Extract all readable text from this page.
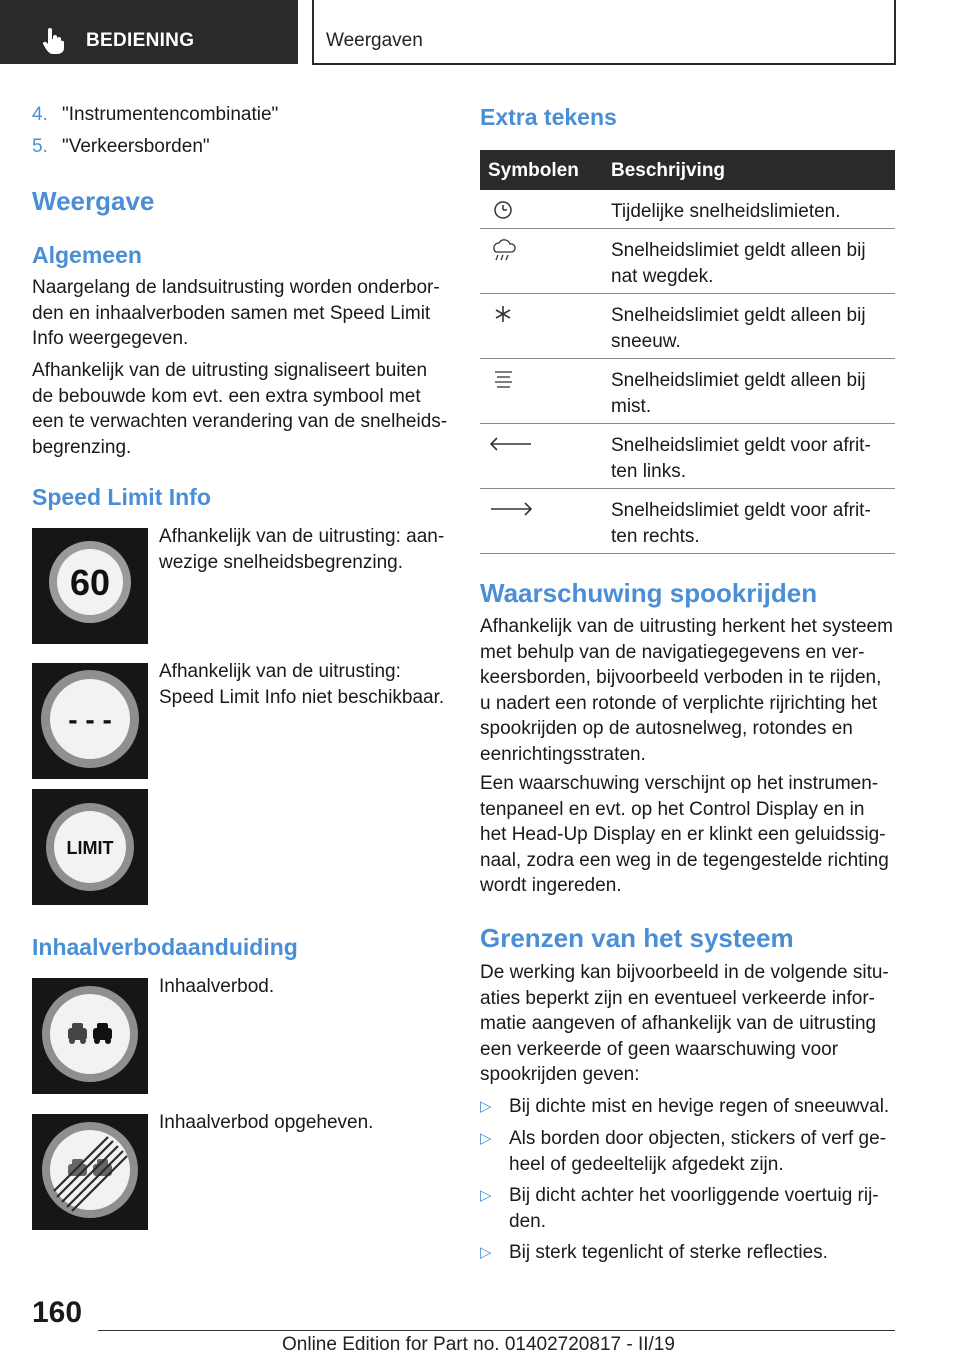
BEDIENING	Weergaven
4. "Instrumentencombinatie"
5. "Verkeersborden"
Weergave
Algemeen
Naargelang de landsuitrusting worden onderbor-
den en inhaalverboden samen met Speed Limit
Info weergegeven.
Afhankelijk van de uitrusting signaliseert buiten
de bebouwde kom evt. een extra symbool met
een te verwachten verandering van de snelheids-
begrenzing.
Speed Limit Info
60
Afhankelijk van de uitrusting: aan-
wezige snelheidsbegrenzing.
- - -
Afhankelijk van de uitrusting:
Speed Limit Info niet beschikbaar.
LIMIT
Inhaalverbodaanduiding
Inhaalverbod.
Inhaalverbod opgeheven.
Extra tekens
Symbolen Beschrijving
Tijdelijke snelheidslimieten.
Snelheidslimiet geldt alleen bij
nat wegdek.
Snelheidslimiet geldt alleen bij
sneeuw.
Snelheidslimiet geldt alleen bij
mist.
Snelheidslimiet geldt voor afrit-
ten links.
Snelheidslimiet geldt voor afrit-
ten rechts.
Waarschuwing spookrijden
Afhankelijk van de uitrusting herkent het systeem
met behulp van de navigatiegegevens en ver-
keersborden, bijvoorbeeld verboden in te rijden,
u nadert een rotonde of verplichte rijrichting het
spookrijden op de autosnelweg, rotondes en
eenrichtingsstraten.
Een waarschuwing verschijnt op het instrumen-
tenpaneel en evt. op het Control Display en in
het Head-Up Display en er klinkt een geluidssig-
naal, zodra een weg in de tegengestelde richting
wordt ingereden.
Grenzen van het systeem
De werking kan bijvoorbeeld in de volgende situ-
aties beperkt zijn en eventueel verkeerde infor-
matie aangeven of afhankelijk van de uitrusting
een verkeerde of geen waarschuwing voor
spookrijden geven:
▷ Bij dichte mist en hevige regen of sneeuwval.
▷ Als borden door objecten, stickers of verf ge-
heel of gedeeltelijk afgedekt zijn.
▷ Bij dicht achter het voorliggende voertuig rij-
den.
▷ Bij sterk tegenlicht of sterke reflecties.
160
Online Edition for Part no. 01402720817 - II/19
